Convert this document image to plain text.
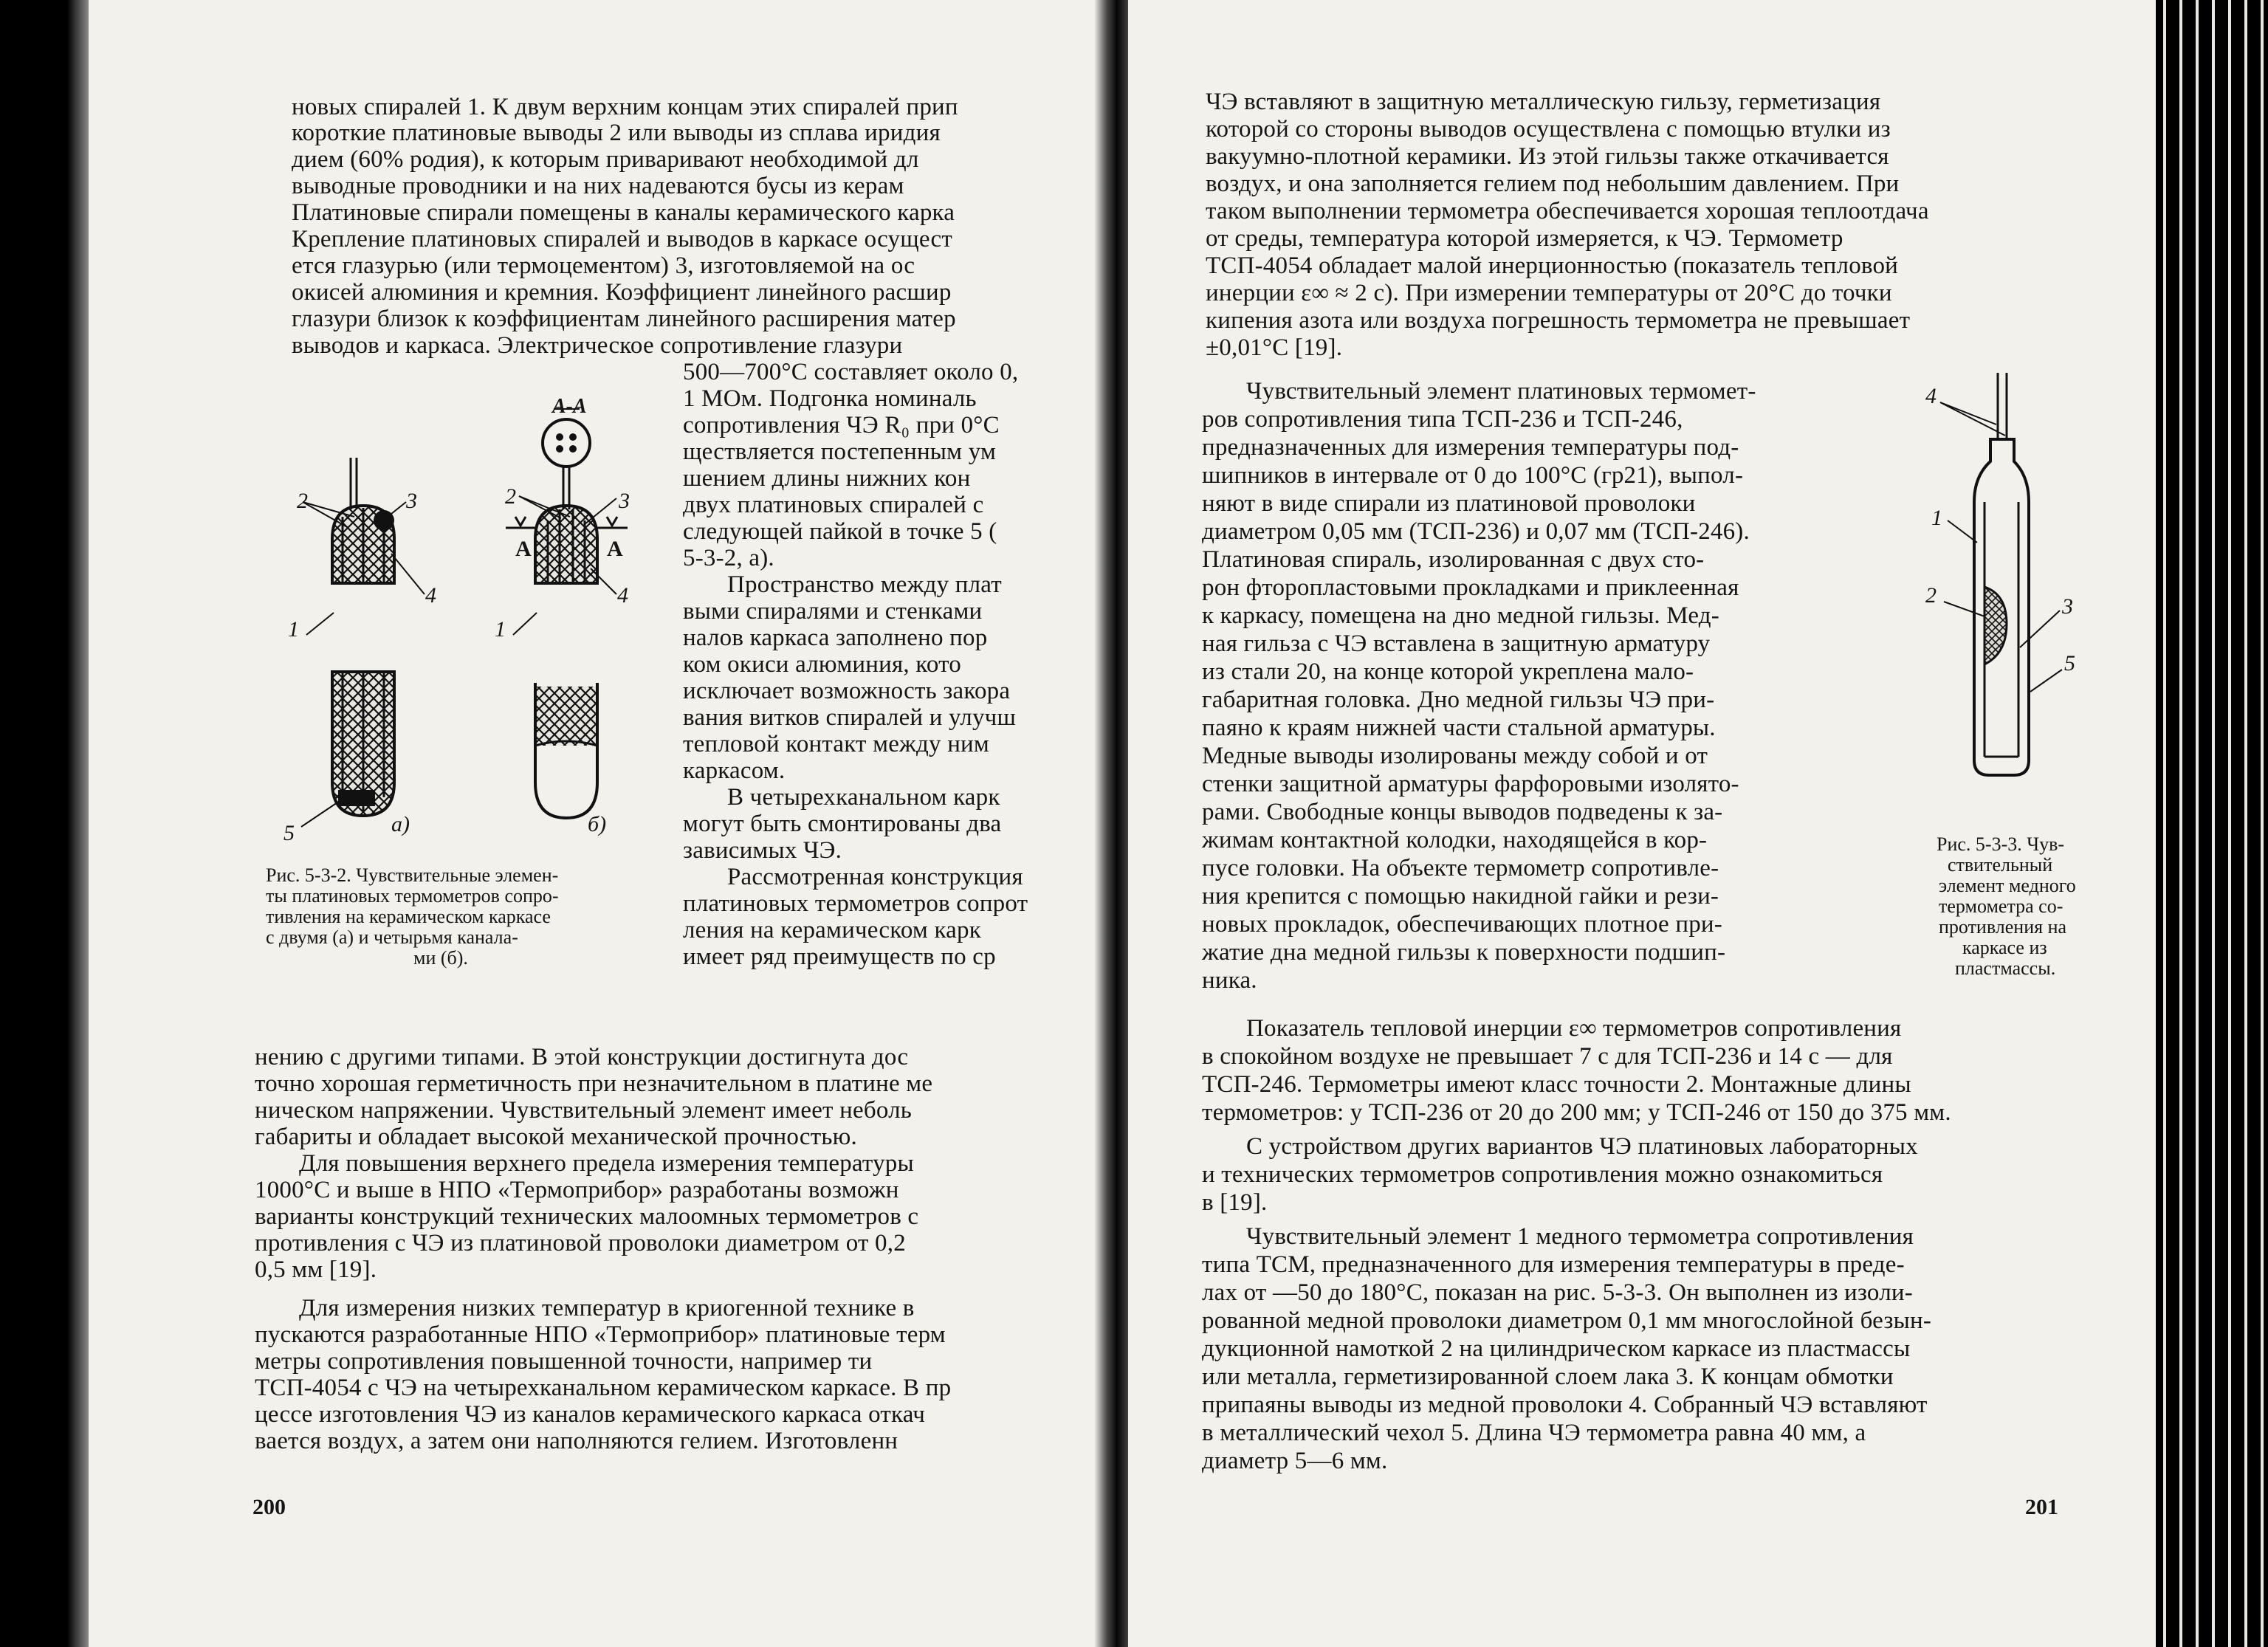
новых спиралей 1. К двум верхним концам этих спиралей прип
короткие платиновые выводы 2 или выводы из сплава иридия
дием (60% родия), к которым приваривают необходимой дл
выводные проводники и на них надеваются бусы из керам
Платиновые спирали помещены в каналы керамического карка
Крепление платиновых спиралей и выводов в каркасе осущест
ется глазурью (или термоцементом) 3, изготовляемой на ос
окисей алюминия и кремния. Коэффициент линейного расшир
глазури близок к коэффициентам линейного расширения матер
выводов и каркаса. Электрическое сопротивление глазури
500—700°С составляет около 0,
1 МОм. Подгонка номиналь
сопротивления ЧЭ R₀ при 0°С
ществляется постепенным ум
шением длины нижних кон
двух платиновых спиралей с
следующей пайкой в точке 5 (
5-3-2, а).
Пространство между плат
выми спиралями и стенками
налов каркаса заполнено пор
ком окиси алюминия, кото
исключает возможность закора
вания витков спиралей и улучш
тепловой контакт между ним
каркасом.
В четырехканальном карк
могут быть смонтированы два
зависимых ЧЭ.
Рассмотренная конструкция
платиновых термометров сопрот
ления на керамическом карк
имеет ряд преимуществ по ср
А-А
А	А
2	3
4
1
5	а)
2	3
4
1
б)
Рис. 5-3-2. Чувствительные элемен-
ты платиновых термометров сопро-
тивления на керамическом каркасе
с двумя (а) и четырьмя канала-
ми (б).
нению с другими типами. В этой конструкции достигнута дос
точно хорошая герметичность при незначительном в платине ме
ническом напряжении. Чувствительный элемент имеет неболь
габариты и обладает высокой механической прочностью.
Для повышения верхнего предела измерения температуры
1000°С и выше в НПО «Термоприбор» разработаны возможн
варианты конструкций технических малоомных термометров с
противления с ЧЭ из платиновой проволоки диаметром от 0,2
0,5 мм [19].
Для измерения низких температур в криогенной технике в
пускаются разработанные НПО «Термоприбор» платиновые терм
метры сопротивления повышенной точности, например ти
ТСП-4054 с ЧЭ на четырехканальном керамическом каркасе. В пр
цессе изготовления ЧЭ из каналов керамического каркаса откач
вается воздух, а затем они наполняются гелием. Изготовленн
200
ЧЭ вставляют в защитную металлическую гильзу, герметизация
которой со стороны выводов осуществлена с помощью втулки из
вакуумно-плотной керамики. Из этой гильзы также откачивается
воздух, и она заполняется гелием под небольшим давлением. При
таком выполнении термометра обеспечивается хорошая теплоотдача
от среды, температура которой измеряется, к ЧЭ. Термометр
ТСП-4054 обладает малой инерционностью (показатель тепловой
инерции ε∞ ≈ 2 с). При измерении температуры от 20°С до точки
кипения азота или воздуха погрешность термометра не превышает
±0,01°С [19].
Чувствительный элемент платиновых термомет-
ров сопротивления типа ТСП-236 и ТСП-246,
предназначенных для измерения температуры под-
шипников в интервале от 0 до 100°С (гр21), выпол-
няют в виде спирали из платиновой проволоки
диаметром 0,05 мм (ТСП-236) и 0,07 мм (ТСП-246).
Платиновая спираль, изолированная с двух сто-
рон фторопластовыми прокладками и приклеенная
к каркасу, помещена на дно медной гильзы. Мед-
ная гильза с ЧЭ вставлена в защитную арматуру
из стали 20, на конце которой укреплена мало-
габаритная головка. Дно медной гильзы ЧЭ при-
паяно к краям нижней части стальной арматуры.
Медные выводы изолированы между собой и от
стенки защитной арматуры фарфоровыми изолято-
рами. Свободные концы выводов подведены к за-
жимам контактной колодки, находящейся в кор-
пусе головки. На объекте термометр сопротивле-
ния крепится с помощью накидной гайки и рези-
новых прокладок, обеспечивающих плотное при-
жатие дна медной гильзы к поверхности подшип-
ника.
4
1
2	3
5
Рис. 5-3-3. Чув-
ствительный
элемент медного
термометра со-
противления на
каркасе из
пластмассы.
Показатель тепловой инерции ε∞ термометров сопротивления
в спокойном воздухе не превышает 7 с для ТСП-236 и 14 с — для
ТСП-246. Термометры имеют класс точности 2. Монтажные длины
термометров: у ТСП-236 от 20 до 200 мм; у ТСП-246 от 150 до 375 мм.
С устройством других вариантов ЧЭ платиновых лабораторных
и технических термометров сопротивления можно ознакомиться
в [19].
Чувствительный элемент 1 медного термометра сопротивления
типа ТСМ, предназначенного для измерения температуры в преде-
лах от —50 до 180°С, показан на рис. 5-3-3. Он выполнен из изоли-
рованной медной проволоки диаметром 0,1 мм многослойной безын-
дукционной намоткой 2 на цилиндрическом каркасе из пластмассы
или металла, герметизированной слоем лака 3. К концам обмотки
припаяны выводы из медной проволоки 4. Собранный ЧЭ вставляют
в металлический чехол 5. Длина ЧЭ термометра равна 40 мм, а
диаметр 5—6 мм.
201
